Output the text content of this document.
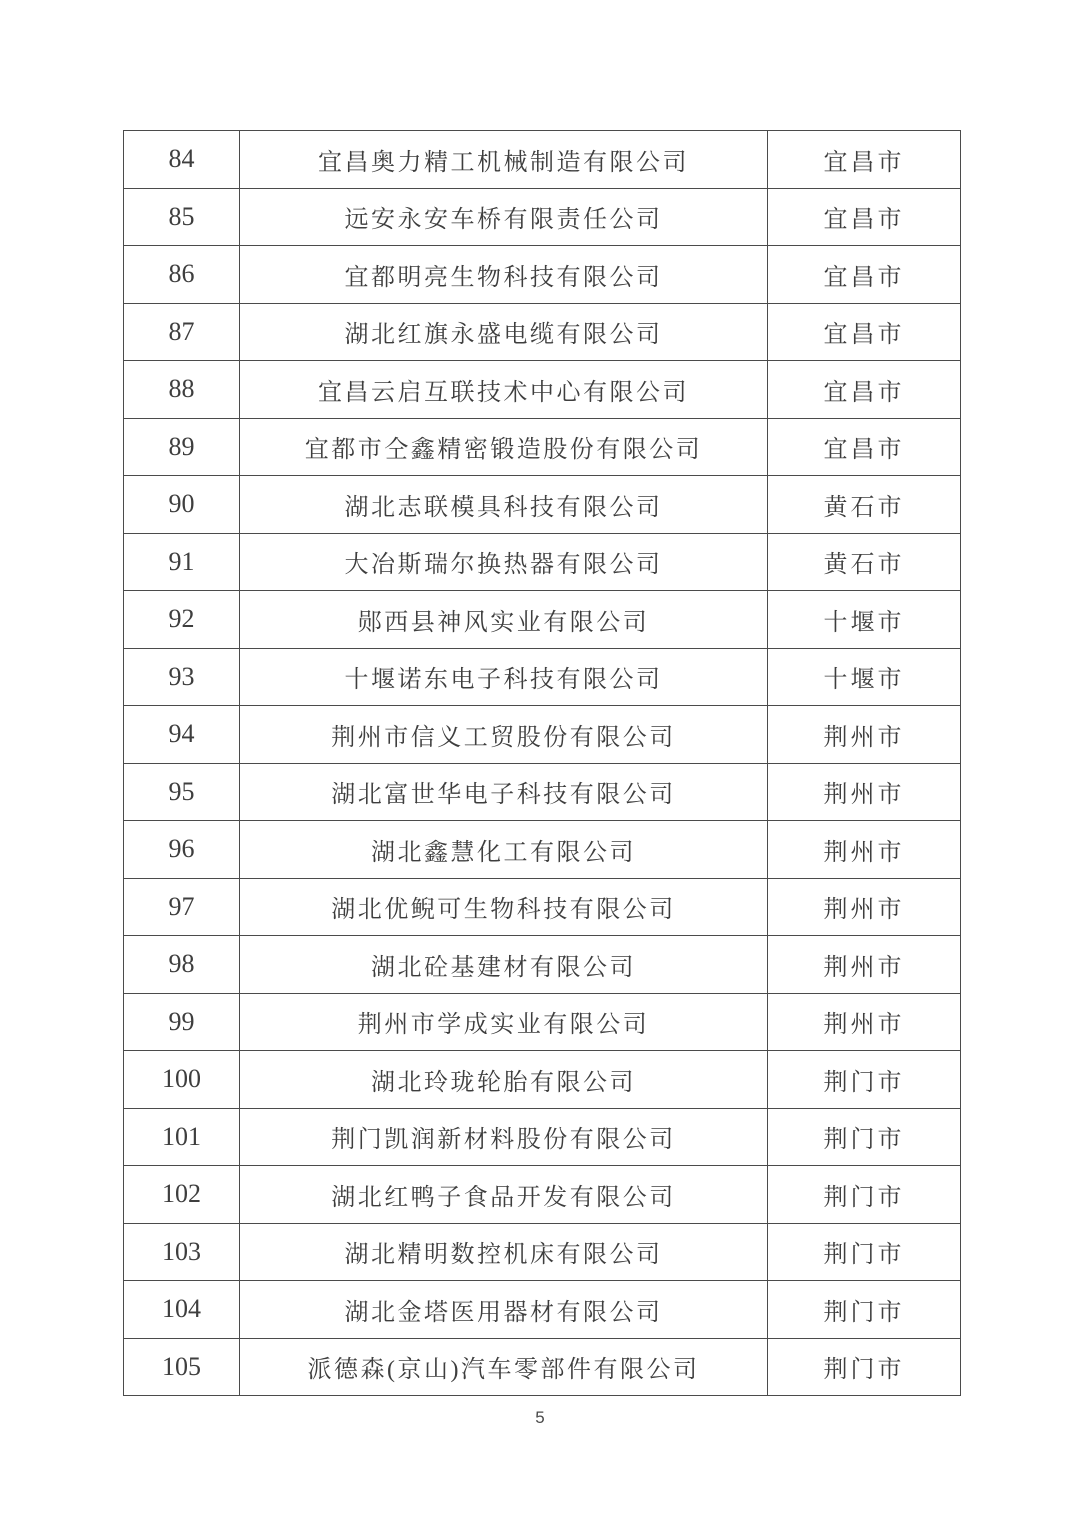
84	宜昌奥力精工机械制造有限公司	宜昌市
85	远安永安车桥有限责任公司	宜昌市
86	宜都明亮生物科技有限公司	宜昌市
87	湖北红旗永盛电缆有限公司	宜昌市
88	宜昌云启互联技术中心有限公司	宜昌市
89	宜都市仝鑫精密锻造股份有限公司	宜昌市
90	湖北志联模具科技有限公司	黄石市
91	大冶斯瑞尔换热器有限公司	黄石市
92	郧西县神风实业有限公司	十堰市
93	十堰诺东电子科技有限公司	十堰市
94	荆州市信义工贸股份有限公司	荆州市
95	湖北富世华电子科技有限公司	荆州市
96	湖北鑫慧化工有限公司	荆州市
97	湖北优鲵可生物科技有限公司	荆州市
98	湖北砼基建材有限公司	荆州市
99	荆州市学成实业有限公司	荆州市
100	湖北玲珑轮胎有限公司	荆门市
101	荆门凯润新材料股份有限公司	荆门市
102	湖北红鸭子食品开发有限公司	荆门市
103	湖北精明数控机床有限公司	荆门市
104	湖北金塔医用器材有限公司	荆门市
105	派德森(京山)汽车零部件有限公司	荆门市
5
